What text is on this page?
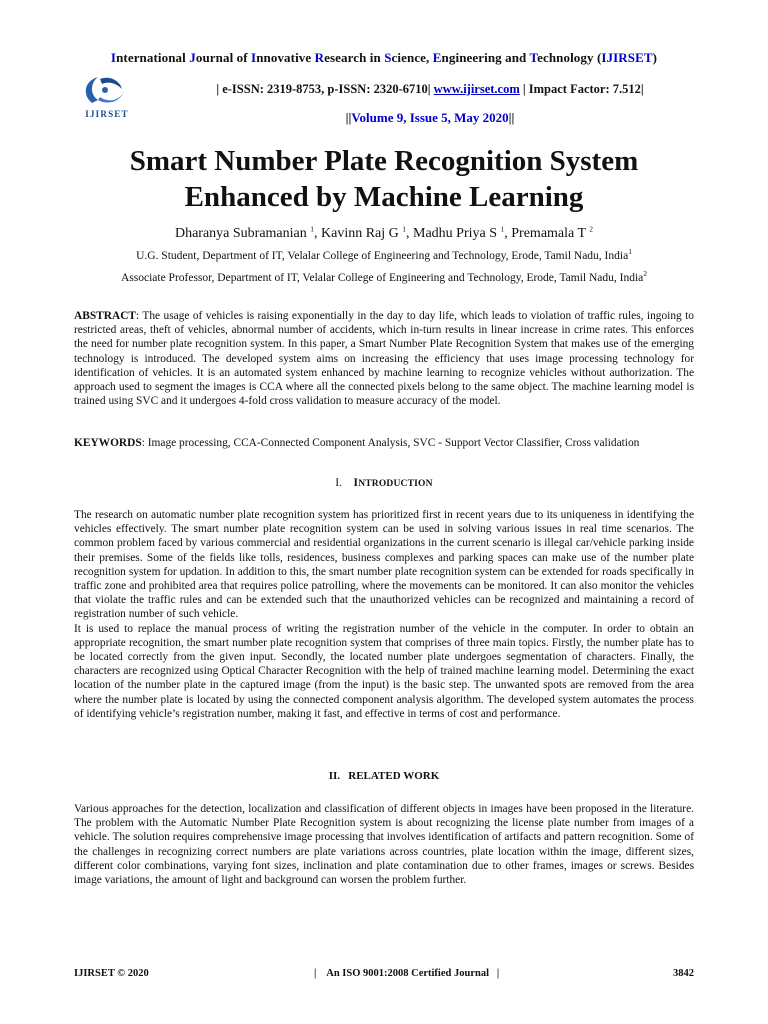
International Journal of Innovative Research in Science, Engineering and Technology (IJIRSET)
IJIRSET
| e-ISSN: 2319-8753, p-ISSN: 2320-6710| www.ijirset.com | Impact Factor: 7.512|
||Volume 9, Issue 5, May 2020||
Smart Number Plate Recognition System
Enhanced by Machine Learning
Dharanya Subramanian $^1$, Kavinn Raj G $^1$, Madhu Priya S $^1$, Premamala T $^2$
U.G. Student, Department of IT, Velalar College of Engineering and Technology, Erode, Tamil Nadu, India$^1$
Associate Professor, Department of IT, Velalar College of Engineering and Technology, Erode, Tamil Nadu, India$^2$

ABSTRACT: The usage of vehicles is raising exponentially in the day to day life, which leads to violation of traffic rules, ingoing to restricted areas, theft of vehicles, abnormal number of accidents, which in-turn results in linear increase in crime rates. This enforces the need for number plate recognition system. In this paper, a Smart Number Plate Recognition System that makes use of the emerging technology is introduced. The developed system aims on increasing the efficiency that uses image processing technology for identification of vehicles. It is an automated system enhanced by machine learning to recognize vehicles without authorization. The approach used to segment the images is CCA where all the connected pixels belong to the same object. The machine learning model is trained using SVC and it undergoes 4-fold cross validation to measure accuracy of the model.

KEYWORDS: Image processing, CCA-Connected Component Analysis, SVC - Support Vector Classifier, Cross validation

I. INTRODUCTION

The research on automatic number plate recognition system has prioritized first in recent years due to its uniqueness in identifying the vehicles effectively. The smart number plate recognition system can be used in solving various issues in real time scenarios. The common problem faced by various commercial and residential organizations in the current scenario is illegal car/vehicle parking inside their premises. Some of the fields like tolls, residences, business complexes and parking spaces can make use of the number plate recognition system for updation. In addition to this, the smart number plate recognition system can be extended for roads specifically in traffic zone and prohibited area that requires police patrolling, where the movements can be monitored. It can also monitor the vehicles that violate the traffic rules and can be extended such that the unauthorized vehicles can be recognized and maintaining a record of registration number of such vehicle.

It is used to replace the manual process of writing the registration number of the vehicle in the computer. In order to obtain an appropriate recognition, the smart number plate recognition system that comprises of three main topics. Firstly, the number plate has to be located correctly from the given input. Secondly, the located number plate undergoes segmentation of characters. Finally, the characters are recognized using Optical Character Recognition with the help of trained machine learning model. Determining the exact location of the number plate in the captured image (from the input) is the basic step. The unwanted spots are removed from the area where the number plate is located by using the connected component analysis algorithm. The developed system automates the process of identifying vehicle’s registration number, making it fast, and effective in terms of cost and performance.

II. RELATED WORK

Various approaches for the detection, localization and classification of different objects in images have been proposed in the literature. The problem with the Automatic Number Plate Recognition system is about recognizing the license plate number from images of a vehicle. The solution requires comprehensive image processing that involves identification of artifacts and pattern recognition. Some of the challenges in recognizing correct numbers are plate variations across countries, plate location within the image, different sizes, different color combinations, varying font sizes, inclination and plate contamination due to other frames, images or screws. Besides image variations, the amount of light and background can worsen the problem further.

IJIRSET © 2020	|    An ISO 9001:2008 Certified Journal   |	3842
